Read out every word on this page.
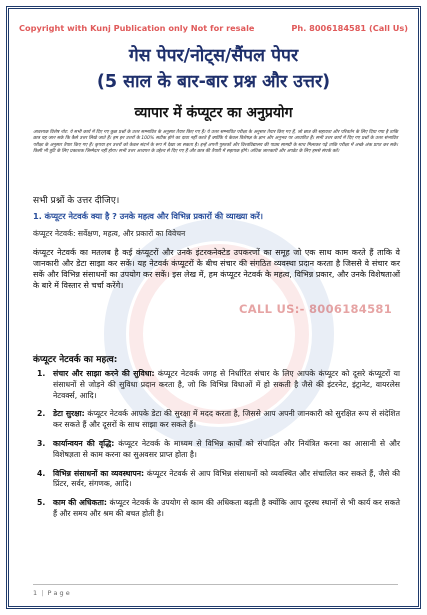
Copyright with Kunj Publication only Not for resale	Ph. 8006184581 (Call Us)
गेस पेपर/नोट्स/सैंपल पेपर
(5 साल के बार-बार प्रश्न और उत्तर)
व्यापार में कंप्यूटर का अनुप्रयोग

आवश्यक विशेष नोट: ये सभी कार्य में दिए गए कुछ प्रश्नों के उत्तर सम्भावित के अनुसार तैयार किए गए हैं। ये उत्तर सम्भावित परीक्षा के अनुसार तैयार किए गए हैं, जो छात्र की सहायता और परिवर्तन के लिए दिया गया है ताकि छात्र यह जान सके कि कैसे उत्तर लिखे जाते हैं। हम इन उत्तरों के 100% सटीक होने का दावा नहीं करते हैं क्योंकि ये केवल विशेषज्ञ के ज्ञान और अनुभव पर आधारित हैं। सभी उत्तर कार्य में दिए गए प्रश्नों के उत्तर संभावित परीक्षा के अनुसार तैयार किए गए हैं। कृपया इन उत्तरों को केवल संदर्भ के रूप में देखा जा सकता है। इन्हें अपनी पुस्तकों और विश्वविद्यालय की पाठ्य सामग्री के साथ मिलाकर पढ़ें ताकि परीक्षा में अच्छे अंक प्राप्त कर सकें। किसी भी त्रुटि के लिए प्रकाशक जिम्मेदार नहीं होगा। सभी उत्तर अध्ययन के उद्देश्य से दिए गए हैं और छात्र की तैयारी में सहायक होंगे। अधिक जानकारी और अपडेट के लिए हमसे संपर्क करें।

सभी प्रश्नों के उत्तर दीजिए।
1. कंप्यूटर नेटवर्क क्या है ? उनके महत्व और विभिन्न प्रकारों की व्याख्या करें।
कंप्यूटर नेटवर्क: सर्वेक्षण, महत्व, और प्रकारों का विवेचन

कंप्यूटर नेटवर्क का मतलब है कई कंप्यूटरों और उनके इंटरकनेक्टेड उपकरणों का समूह जो एक साथ काम करते हैं ताकि वे जानकारी और डेटा साझा कर सकें। यह नेटवर्क कंप्यूटरों के बीच संचार की संगठित व्यवस्था प्रदान करता है जिससे वे संचार कर सकें और विभिन्न संसाधनों का उपयोग कर सकें। इस लेख में, हम कंप्यूटर नेटवर्क के महत्व, विभिन्न प्रकार, और उनके विशेषताओं के बारे में विस्तार से चर्चा करेंगे।

CALL US:- 8006184581
कंप्यूटर नेटवर्क का महत्व:
1.	संचार और साझा करने की सुविधा: कंप्यूटर नेटवर्क जगह से निर्धारित संचार के लिए आपके कंप्यूटर को दूसरे कंप्यूटरों या संसाधनों से जोड़ने की सुविधा प्रदान करता है, जो कि विभिन्न विधाओं में हो सकती है जैसे की इंटरनेट, इंट्रानेट, वायरलेस नेटवर्क्स, आदि।
2.	डेटा सुरक्षा: कंप्यूटर नेटवर्क आपके डेटा की सुरक्षा में मदद करता है, जिससे आप अपनी जानकारी को सुरक्षित रूप से संदेशित कर सकते हैं और दूसरों के साथ साझा कर सकते हैं।
3.	कार्यान्वयन की वृद्धि: कंप्यूटर नेटवर्क के माध्यम से विभिन्न कार्यों को संपादित और नियंत्रित करना का आसानी से और विशेषज्ञता से काम करना का सुअवसर प्राप्त होता है।
4.	विभिन्न संसाधनों का व्यवस्थापन: कंप्यूटर नेटवर्क से आप विभिन्न संसाधनों को व्यवस्थित और संचालित कर सकते हैं, जैसे की प्रिंटर, सर्वर, संगणक, आदि।
5.	काम की अधिकता: कंप्यूटर नेटवर्क के उपयोग से काम की अधिकता बढ़ती है क्योंकि आप दूरस्थ स्थानों से भी कार्य कर सकते हैं और समय और श्रम की बचत होती है।
1 | P a g e
